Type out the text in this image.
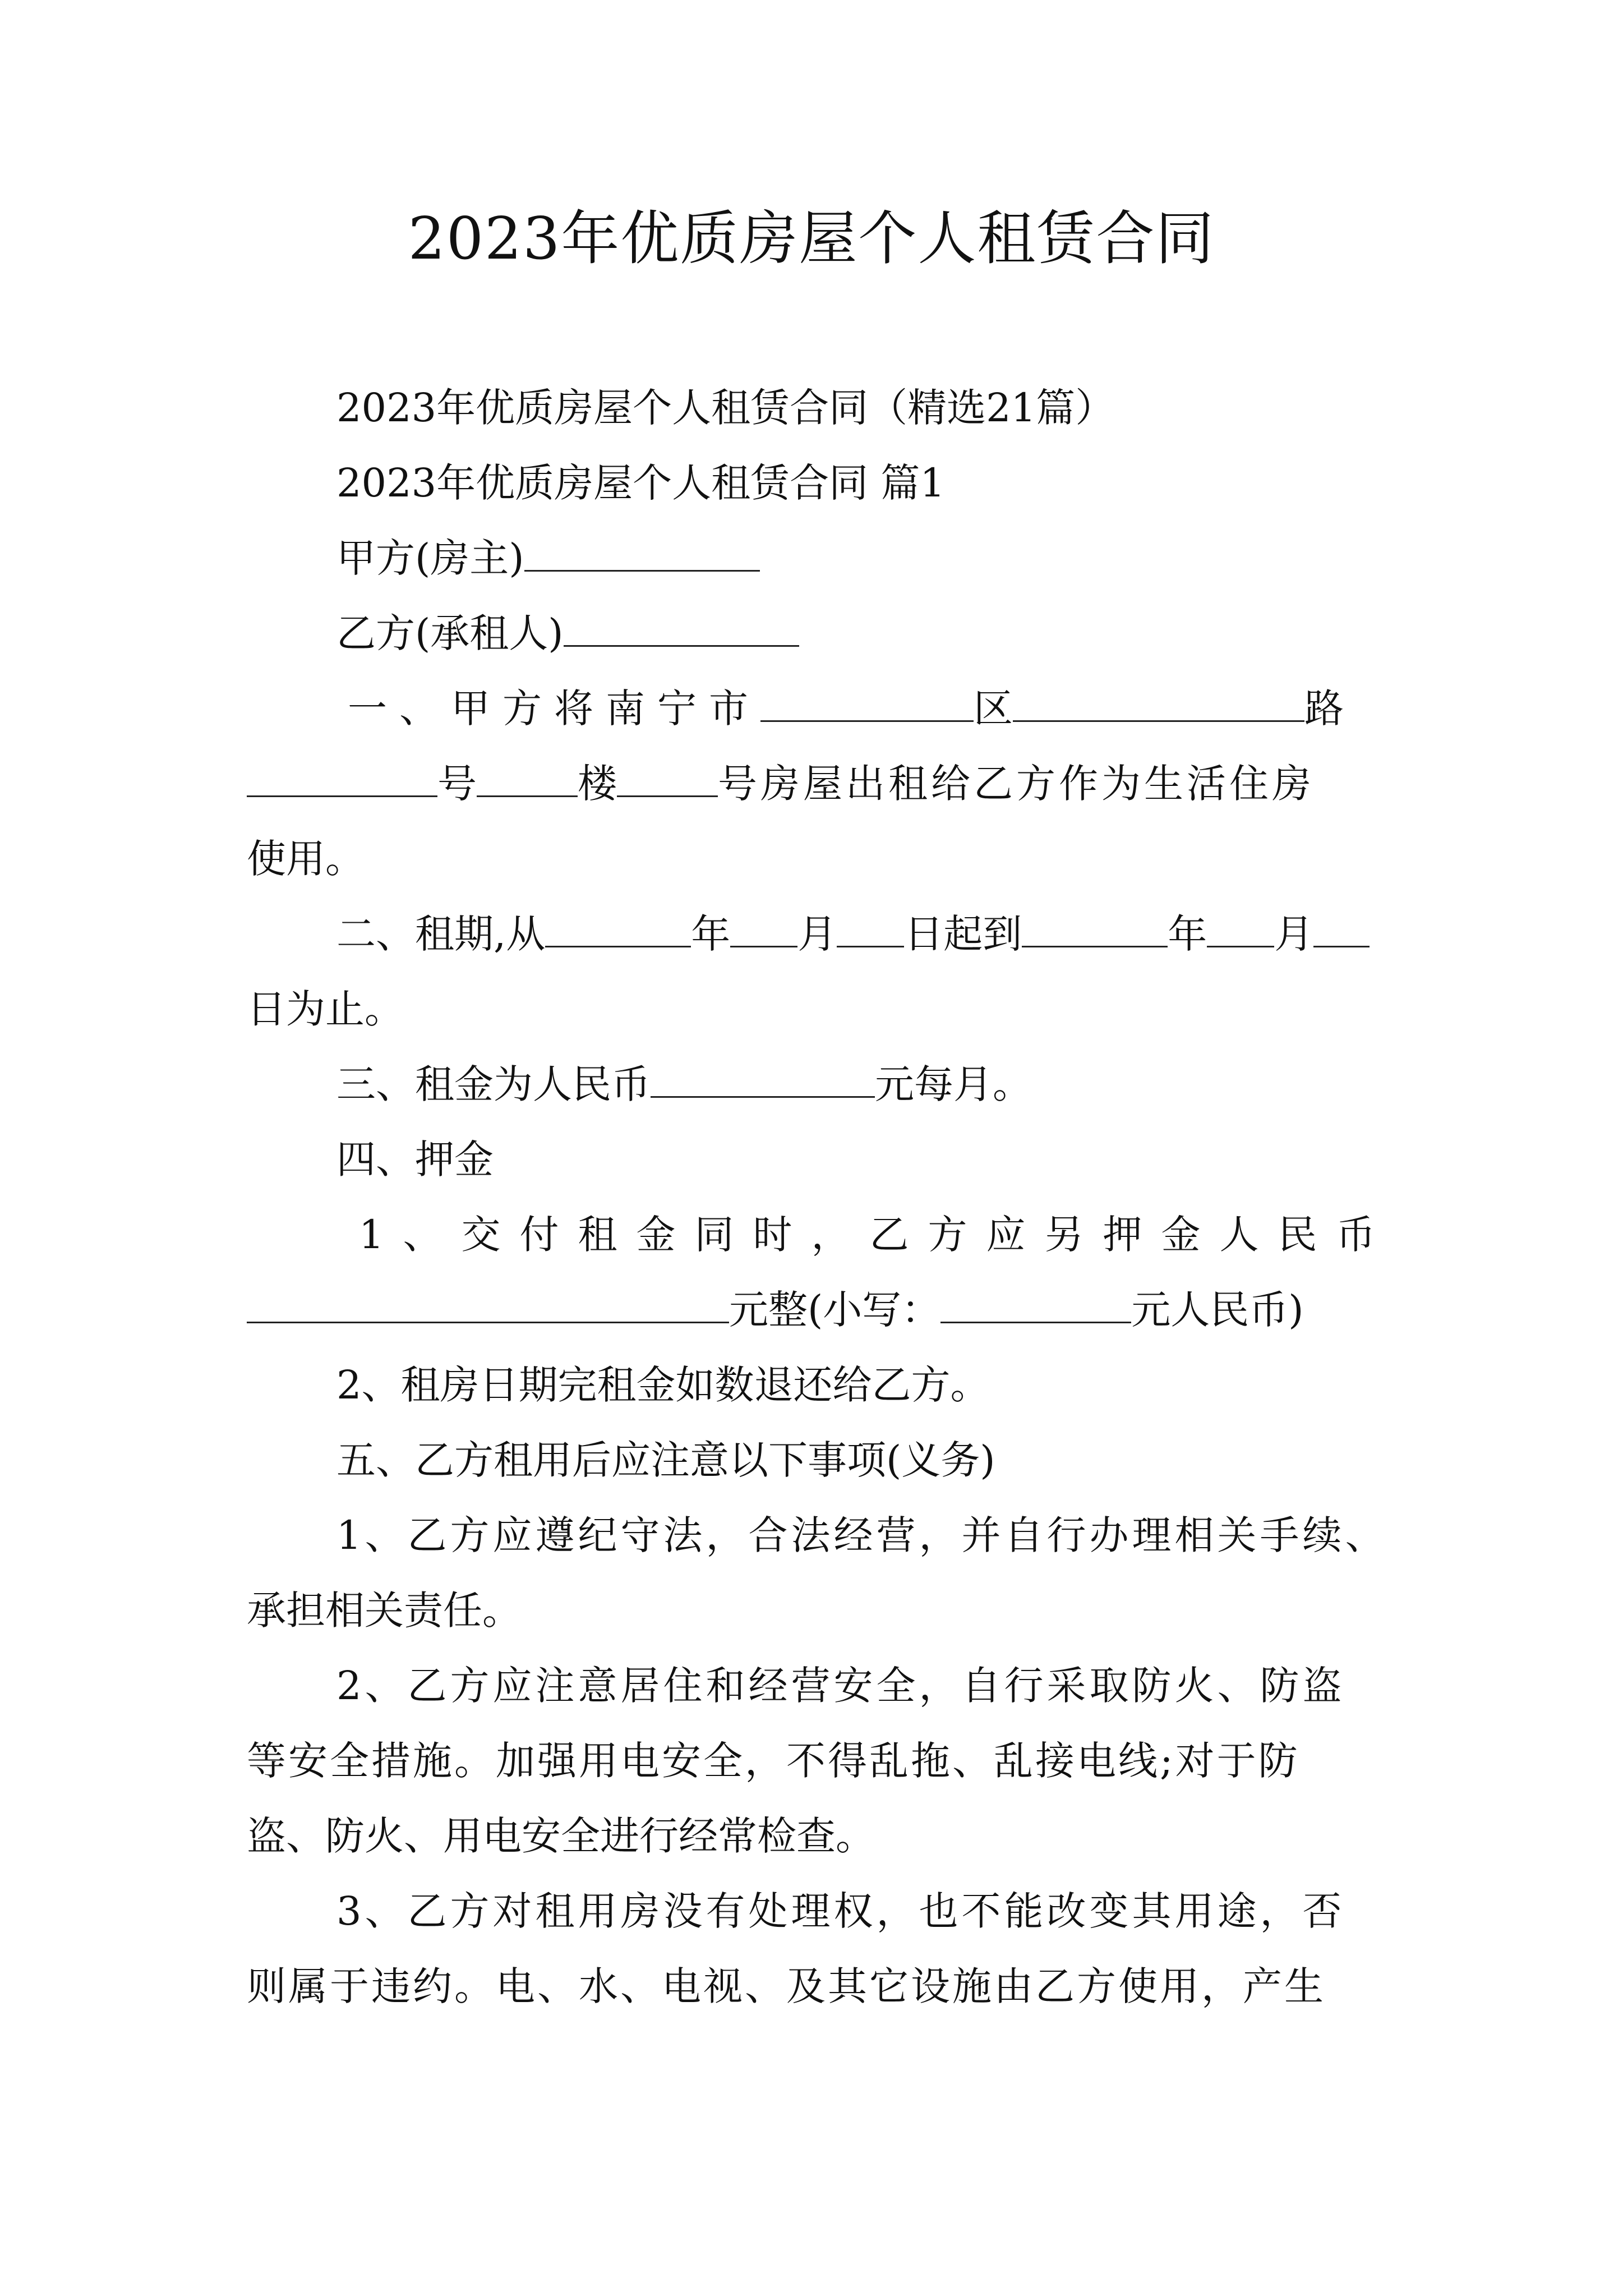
2023年优质房屋个人租赁合同

2023年优质房屋个人租赁合同（精选21篇）

2023年优质房屋个人租赁合同 篇1

甲方(房主)

乙方(承租人)

一、甲方将南宁市	区	路

号	楼	号房屋出租给乙方作为生活住房

使用。

二、租期,从	年 月 日起到	年 月

日为止。

三、租金为人民币	元每月。

四、押金

1、交付租金同时，乙方应另押金人民币

元整(小写：	元人民币)

2、租房日期完租金如数退还给乙方。

五、乙方租用后应注意以下事项(义务)

1、乙方应遵纪守法，合法经营，并自行办理相关手续、

承担相关责任。

2、乙方应注意居住和经营安全，自行采取防火、防盗

等安全措施。加强用电安全，不得乱拖、乱接电线;对于防

盗、防火、用电安全进行经常检查。

3、乙方对租用房没有处理权，也不能改变其用途，否

则属于违约。电、水、电视、及其它设施由乙方使用，产生
